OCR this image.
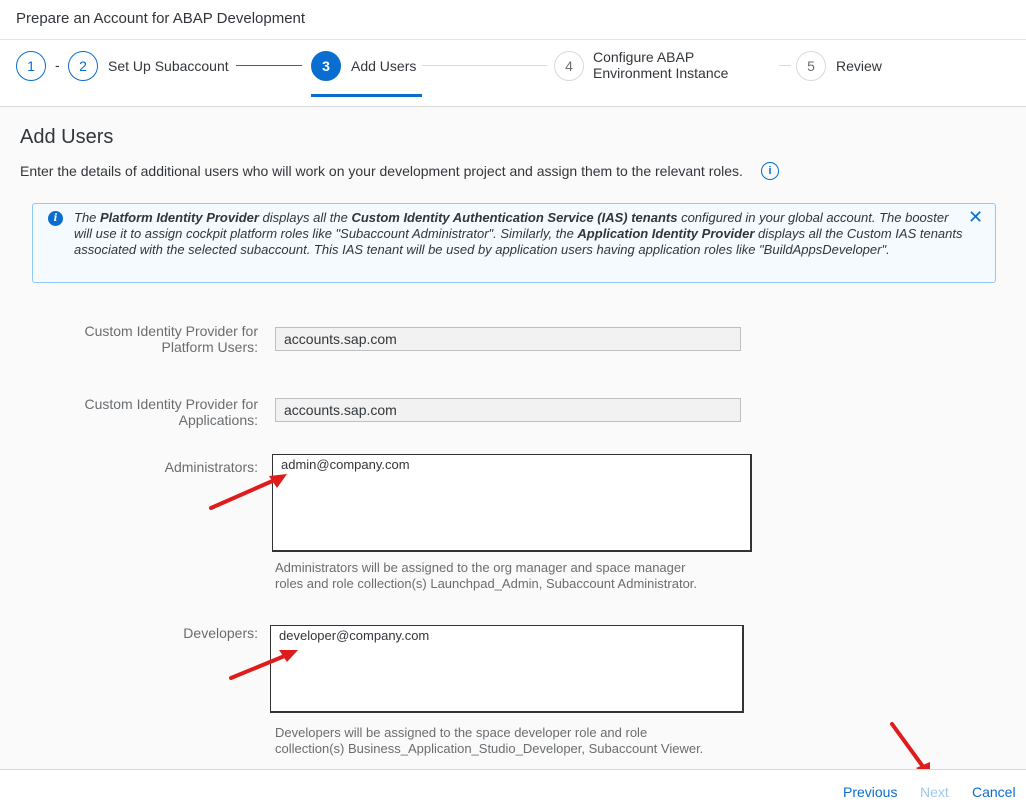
Prepare an Account for ABAP Development
1	-	2	Set Up Subaccount	3	Add Users	4
Configure ABAP
Environment Instance	5	Review
Add Users
Enter the details of additional users who will work on your development project and assign them to the relevant roles.	i
i	The Platform Identity Provider displays all the Custom Identity Authentication Service (IAS) tenants configured in your global account. The booster will use it to assign cockpit platform roles like "Subaccount Administrator". Similarly, the Application Identity Provider displays all the Custom IAS tenants associated with the selected subaccount. This IAS tenant will be used by application users having application roles like "BuildAppsDeveloper".
✕
Custom Identity Provider for
Platform Users:	accounts.sap.com
Custom Identity Provider for
Applications:
accounts.sap.com
Administrators:	admin@company.com
Administrators will be assigned to the org manager and space manager
roles and role collection(s) Launchpad_Admin, Subaccount Administrator.
Developers:	developer@company.com
Developers will be assigned to the space developer role and role
collection(s) Business_Application_Studio_Developer, Subaccount Viewer.
Previous Next Cancel
